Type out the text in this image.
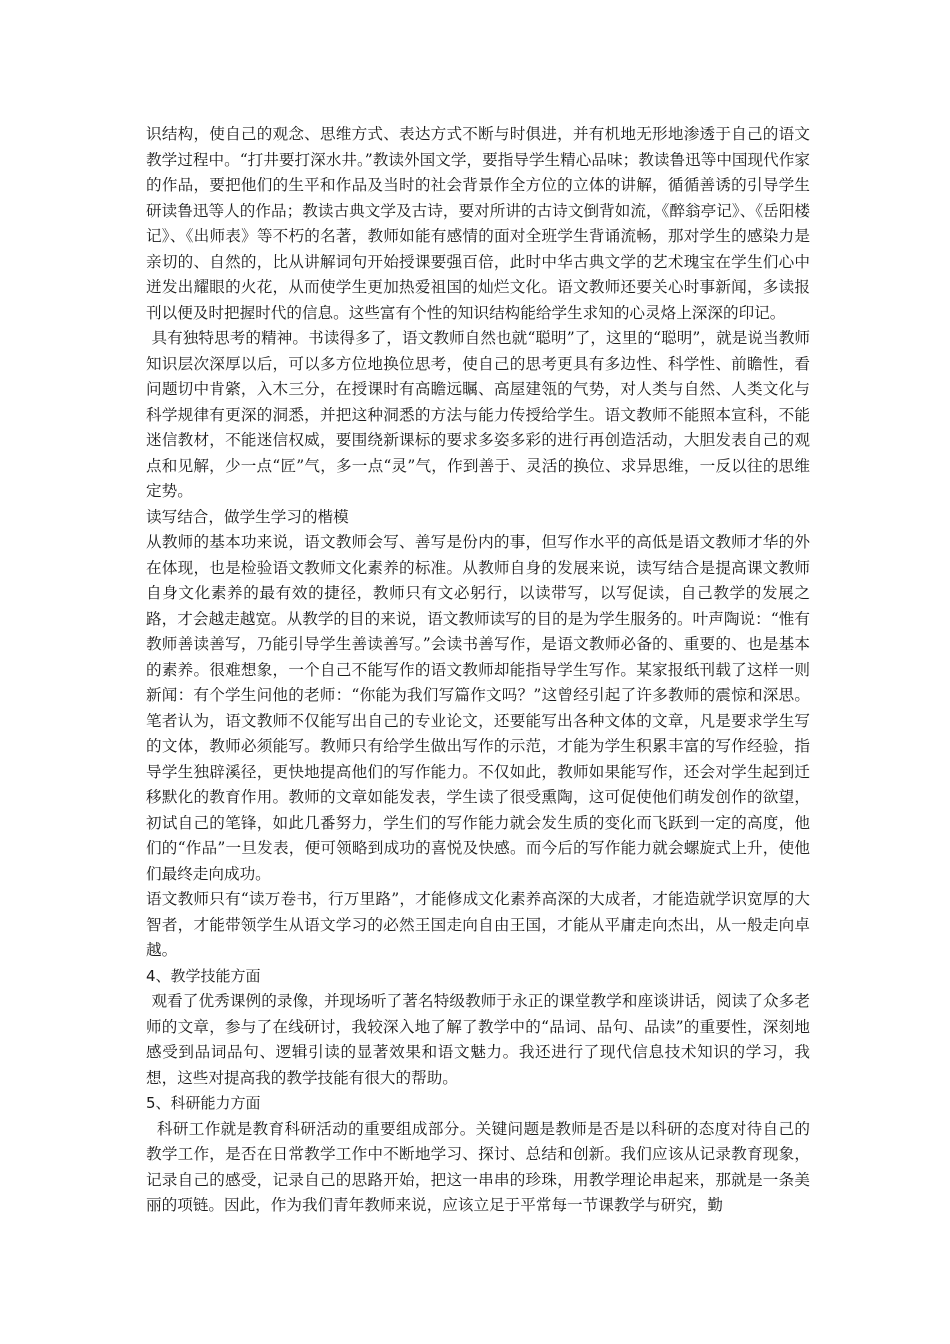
识结构，使自己的观念、思维方式、表达方式不断与时俱进，并有机地无形地渗透于自己的语文教学过程中。“打井要打深水井。”教读外国文学，要指导学生精心品味；教读鲁迅等中国现代作家的作品，要把他们的生平和作品及当时的社会背景作全方位的立体的讲解，循循善诱的引导学生研读鲁迅等人的作品；教读古典文学及古诗，要对所讲的古诗文倒背如流，《醉翁亭记》、《岳阳楼记》、《出师表》等不朽的名著，教师如能有感情的面对全班学生背诵流畅，那对学生的感染力是亲切的、自然的，比从讲解词句开始授课要强百倍，此时中华古典文学的艺术瑰宝在学生们心中迸发出耀眼的火花，从而使学生更加热爱祖国的灿烂文化。语文教师还要关心时事新闻，多读报刊以便及时把握时代的信息。这些富有个性的知识结构能给学生求知的心灵烙上深深的印记。

具有独特思考的精神。书读得多了，语文教师自然也就“聪明”了，这里的“聪明”，就是说当教师知识层次深厚以后，可以多方位地换位思考，使自己的思考更具有多边性、科学性、前瞻性，看问题切中肯綮，入木三分，在授课时有高瞻远瞩、高屋建瓴的气势，对人类与自然、人类文化与科学规律有更深的洞悉，并把这种洞悉的方法与能力传授给学生。语文教师不能照本宣科，不能迷信教材，不能迷信权威，要围绕新课标的要求多姿多彩的进行再创造活动，大胆发表自己的观点和见解，少一点“匠”气，多一点“灵”气，作到善于、灵活的换位、求异思维，一反以往的思维定势。

读写结合，做学生学习的楷模

从教师的基本功来说，语文教师会写、善写是份内的事，但写作水平的高低是语文教师才华的外在体现，也是检验语文教师文化素养的标准。从教师自身的发展来说，读写结合是提高课文教师自身文化素养的最有效的捷径，教师只有文必躬行，以读带写，以写促读，自己教学的发展之路，才会越走越宽。从教学的目的来说，语文教师读写的目的是为学生服务的。叶声陶说：“惟有教师善读善写，乃能引导学生善读善写。”会读书善写作，是语文教师必备的、重要的、也是基本的素养。很难想象，一个自己不能写作的语文教师却能指导学生写作。某家报纸刊载了这样一则新闻：有个学生问他的老师：“你能为我们写篇作文吗？”这曾经引起了许多教师的震惊和深思。笔者认为，语文教师不仅能写出自己的专业论文，还要能写出各种文体的文章，凡是要求学生写的文体，教师必须能写。教师只有给学生做出写作的示范，才能为学生积累丰富的写作经验，指导学生独辟溪径，更快地提高他们的写作能力。不仅如此，教师如果能写作，还会对学生起到迁移默化的教育作用。教师的文章如能发表，学生读了很受熏陶，这可促使他们萌发创作的欲望，初试自己的笔锋，如此几番努力，学生们的写作能力就会发生质的变化而飞跃到一定的高度，他们的“作品”一旦发表，便可领略到成功的喜悦及快感。而今后的写作能力就会螺旋式上升，使他们最终走向成功。

语文教师只有“读万卷书，行万里路”，才能修成文化素养高深的大成者，才能造就学识宽厚的大智者，才能带领学生从语文学习的必然王国走向自由王国，才能从平庸走向杰出，从一般走向卓越。

4、教学技能方面

观看了优秀课例的录像，并现场听了著名特级教师于永正的课堂教学和座谈讲话，阅读了众多老师的文章，参与了在线研讨，我较深入地了解了教学中的“品词、品句、品读”的重要性，深刻地感受到品词品句、逻辑引读的显著效果和语文魅力。我还进行了现代信息技术知识的学习，我想，这些对提高我的教学技能有很大的帮助。

5、科研能力方面

科研工作就是教育科研活动的重要组成部分。关键问题是教师是否是以科研的态度对待自己的教学工作，是否在日常教学工作中不断地学习、探讨、总结和创新。我们应该从记录教育现象，记录自己的感受，记录自己的思路开始，把这一串串的珍珠，用教学理论串起来，那就是一条美丽的项链。因此，作为我们青年教师来说，应该立足于平常每一节课教学与研究，勤
